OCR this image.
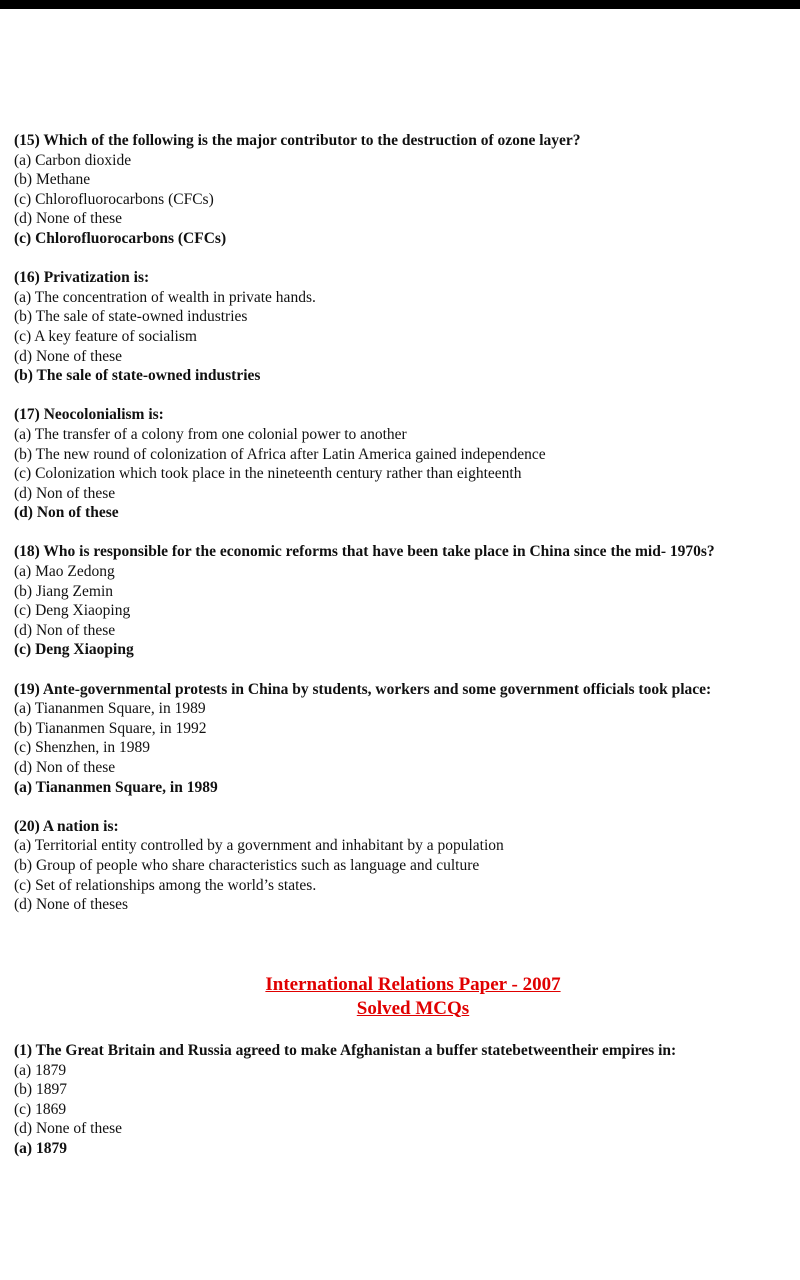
(15) Which of the following is the major contributor to the destruction of ozone layer?
(a) Carbon dioxide
(b) Methane
(c) Chlorofluorocarbons (CFCs)
(d) None of these
(c) Chlorofluorocarbons (CFCs)
(16) Privatization is:
(a) The concentration of wealth in private hands.
(b) The sale of state-owned industries
(c) A key feature of socialism
(d) None of these
(b) The sale of state-owned industries
(17) Neocolonialism is:
(a) The transfer of a colony from one colonial power to another
(b) The new round of colonization of Africa after Latin America gained independence
(c) Colonization which took place in the nineteenth century rather than eighteenth
(d) Non of these
(d) Non of these
(18) Who is responsible for the economic reforms that have been take place in China since the mid- 1970s?
(a) Mao Zedong
(b) Jiang Zemin
(c) Deng Xiaoping
(d) Non of these
(c) Deng Xiaoping
(19) Ante-governmental protests in China by students, workers and some government officials took place:
(a) Tiananmen Square, in 1989
(b) Tiananmen Square, in 1992
(c) Shenzhen, in 1989
(d) Non of these
(a) Tiananmen Square, in 1989
(20) A nation is:
(a) Territorial entity controlled by a government and inhabitant by a population
(b) Group of people who share characteristics such as language and culture
(c) Set of relationships among the world’s states.
(d) None of theses
International Relations Paper - 2007
Solved MCQs
(1) The Great Britain and Russia agreed to make Afghanistan a buffer statebetweentheir empires in:
(a) 1879
(b) 1897
(c) 1869
(d) None of these
(a) 1879
